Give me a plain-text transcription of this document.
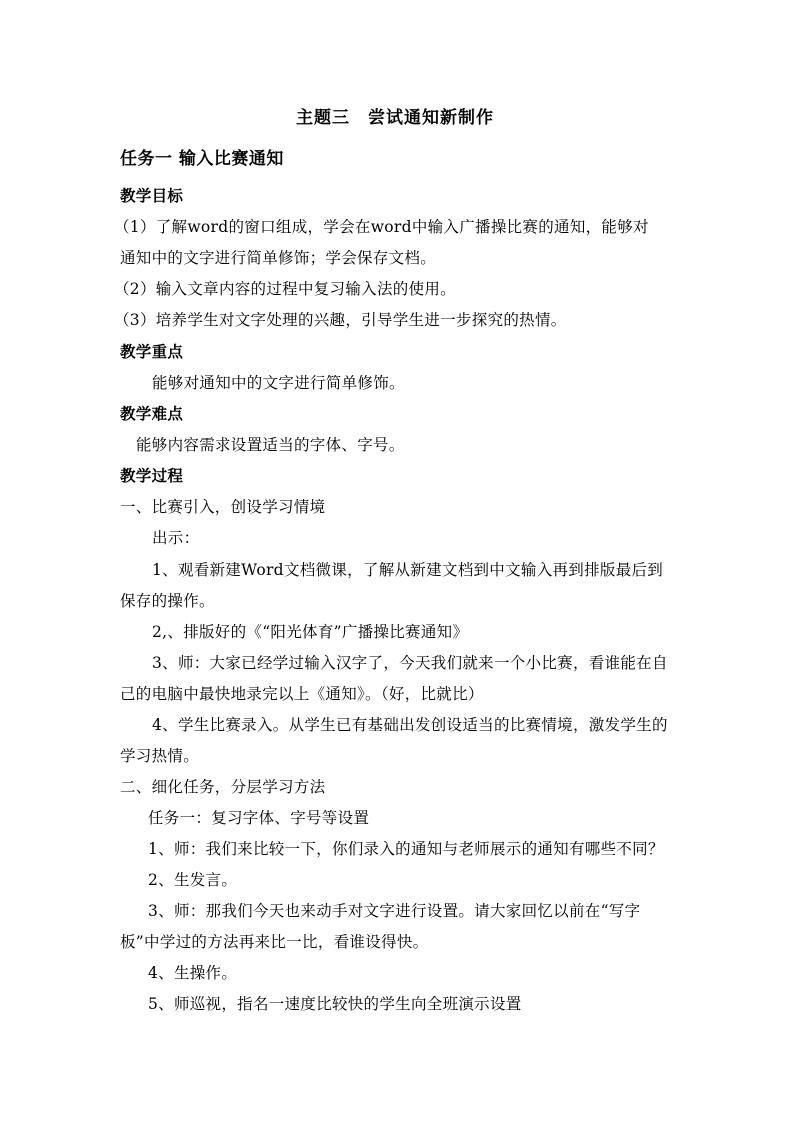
主题三　尝试通知新制作
任务一 输入比赛通知
教学目标
（1）了解word的窗口组成，学会在word中输入广播操比赛的通知，能够对
通知中的文字进行简单修饰；学会保存文档。
（2）输入文章内容的过程中复习输入法的使用。
（3）培养学生对文字处理的兴趣，引导学生进一步探究的热情。
教学重点
能够对通知中的文字进行简单修饰。
教学难点
能够内容需求设置适当的字体、字号。
教学过程
一、比赛引入，创设学习情境
出示：
1、观看新建Word文档微课，了解从新建文档到中文输入再到排版最后到
保存的操作。
2,、排版好的《“阳光体育”广播操比赛通知》
3、师：大家已经学过输入汉字了，今天我们就来一个小比赛，看谁能在自
己的电脑中最快地录完以上《通知》。（好，比就比）
4、学生比赛录入。从学生已有基础出发创设适当的比赛情境，激发学生的
学习热情。
二、细化任务，分层学习方法
任务一：复习字体、字号等设置
1、师：我们来比较一下，你们录入的通知与老师展示的通知有哪些不同？
2、生发言。
3、师：那我们今天也来动手对文字进行设置。请大家回忆以前在“写字
板”中学过的方法再来比一比，看谁设得快。
4、生操作。
5、师巡视，指名一速度比较快的学生向全班演示设置
